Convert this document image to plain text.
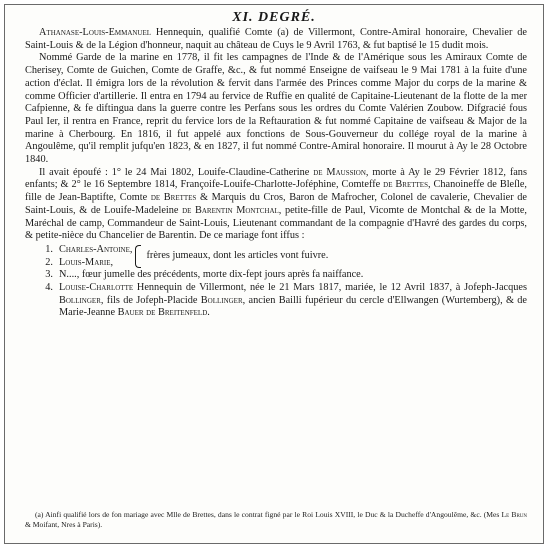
XI. DEGRÉ.

Athanase-Louis-Emmanuel Hennequin, qualifié Comte (a) de Villermont, Contre-Amiral honoraire, Chevalier de Saint-Louis & de la Légion d'honneur, naquit au château de Cuys le 9 Avril 1763, & fut baptisé le 15 dudit mois.

Nommé Garde de la marine en 1778, il fit les campagnes de l'Inde & de l'Amérique sous les Amiraux Comte de Cherisey, Comte de Guichen, Comte de Graffe, &c., & fut nommé Enseigne de vaifseau le 9 Mai 1781 à la fuite d'une action d'éclat. Il émigra lors de la révolution & fervit dans l'armée des Princes comme Major du corps de la marine & comme Officier d'artillerie. Il entra en 1794 au fervice de Ruffie en qualité de Capitaine-Lieutenant de la flotte de la mer Cafpienne, & fe diftingua dans la guerre contre les Perfans sous les ordres du Comte Valérien Zoubow. Difgracié fous Paul Ier, il rentra en France, reprit du fervice lors de la Reftauration & fut nommé Capitaine de vaifseau & Major de la marine à Cherbourg. En 1816, il fut appelé aux fonctions de Sous-Gouverneur du collége royal de la marine à Angoulême, qu'il remplit jufqu'en 1823, & en 1827, il fut nommé Contre-Amiral honoraire. Il mourut à Ay le 28 Octobre 1840.

Il avait époufé : 1° le 24 Mai 1802, Louife-Claudine-Catherine de Maussion, morte à Ay le 29 Février 1812, fans enfants; & 2° le 16 Septembre 1814, Françoife-Louife-Charlotte-Joféphine, Comteffe de Brettes, Chanoineffe de Bleſle, fille de Jean-Baptifte, Comte de Brettes & Marquis du Cros, Baron de Mafrocher, Colonel de cavalerie, Chevalier de Saint-Louis, & de Louife-Madeleine de Barentin Montchal, petite-fille de Paul, Vicomte de Montchal & de la Motte, Maréchal de camp, Commandeur de Saint-Louis, Lieutenant commandant de la compagnie d'Havré des gardes du corps, & petite-nièce du Chancelier de Barentin. De ce mariage font iffus :

1. Charles-Antoine,
2. Louis-Marie,
frères jumeaux, dont les articles vont fuivre.
3. N...., fœur jumelle des précédents, morte dix-fept jours après fa naiffance.
4. Louise-Charlotte Hennequin de Villermont, née le 21 Mars 1817, mariée, le 12 Avril 1837, à Jofeph-Jacques Bollinger, fils de Jofeph-Placide Bollinger, ancien Bailli fupérieur du cercle d'Ellwangen (Wurtemberg), & de Marie-Jeanne Bauer de Breitenfeld.
(a) Ainfi qualifié lors de fon mariage avec Mlle de Brettes, dans le contrat figné par le Roi Louis XVIII, le Duc & la Ducheffe d'Angoulême, &c. (Mes Le Brun & Moifant, Nres à Paris).
